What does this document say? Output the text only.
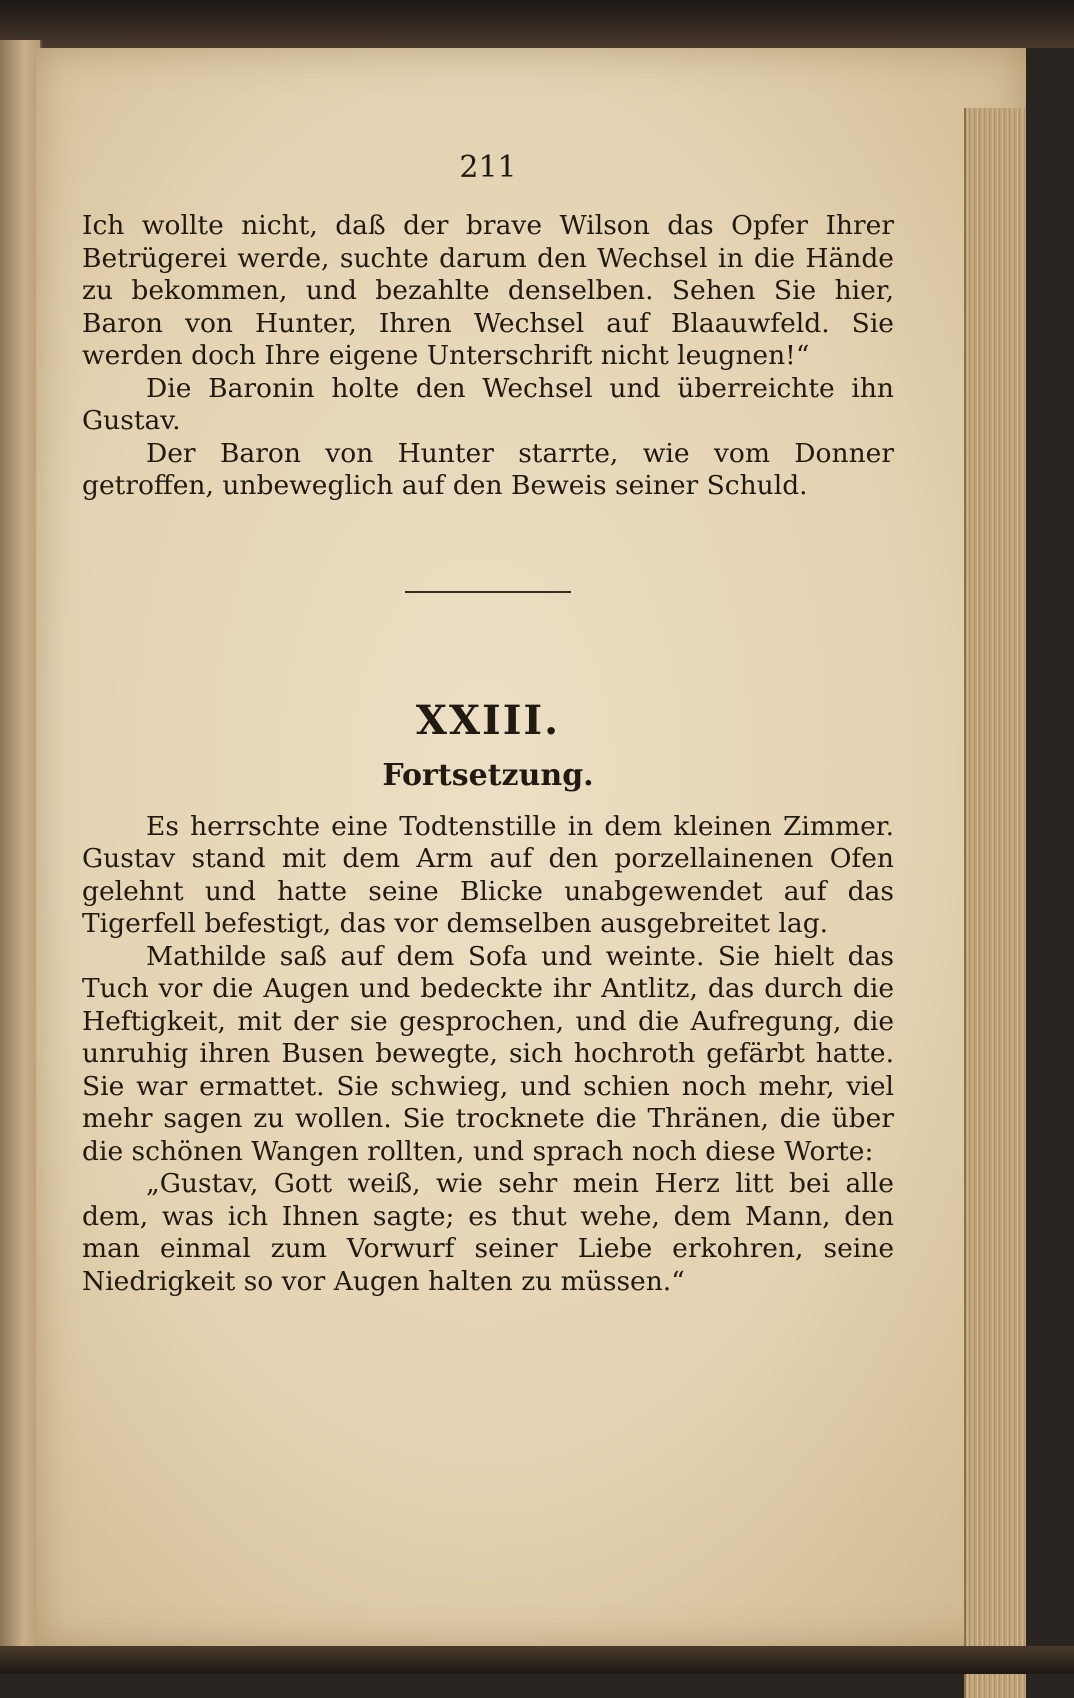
211

Ich wollte nicht, daß der brave Wilson das Opfer Ihrer Betrügerei werde, suchte darum den Wechsel in die Hände zu bekommen, und bezahlte denselben. Sehen Sie hier, Baron von Hunter, Ihren Wechsel auf Blaauwfeld. Sie werden doch Ihre eigene Unterschrift nicht leugnen!“

Die Baronin holte den Wechsel und überreichte ihn Gustav.

Der Baron von Hunter starrte, wie vom Donner getroffen, unbeweglich auf den Beweis seiner Schuld.

XXIII.
Fortsetzung.

Es herrschte eine Todtenstille in dem kleinen Zimmer. Gustav stand mit dem Arm auf den porzellainenen Ofen gelehnt und hatte seine Blicke unabgewendet auf das Tigerfell befestigt, das vor demselben ausgebreitet lag.

Mathilde saß auf dem Sofa und weinte. Sie hielt das Tuch vor die Augen und bedeckte ihr Antlitz, das durch die Heftigkeit, mit der sie gesprochen, und die Aufregung, die unruhig ihren Busen bewegte, sich hochroth gefärbt hatte. Sie war ermattet. Sie schwieg, und schien noch mehr, viel mehr sagen zu wollen. Sie trocknete die Thränen, die über die schönen Wangen rollten, und sprach noch diese Worte:

„Gustav, Gott weiß, wie sehr mein Herz litt bei alle dem, was ich Ihnen sagte; es thut wehe, dem Mann, den man einmal zum Vorwurf seiner Liebe erkohren, seine Niedrigkeit so vor Augen halten zu müssen.“
